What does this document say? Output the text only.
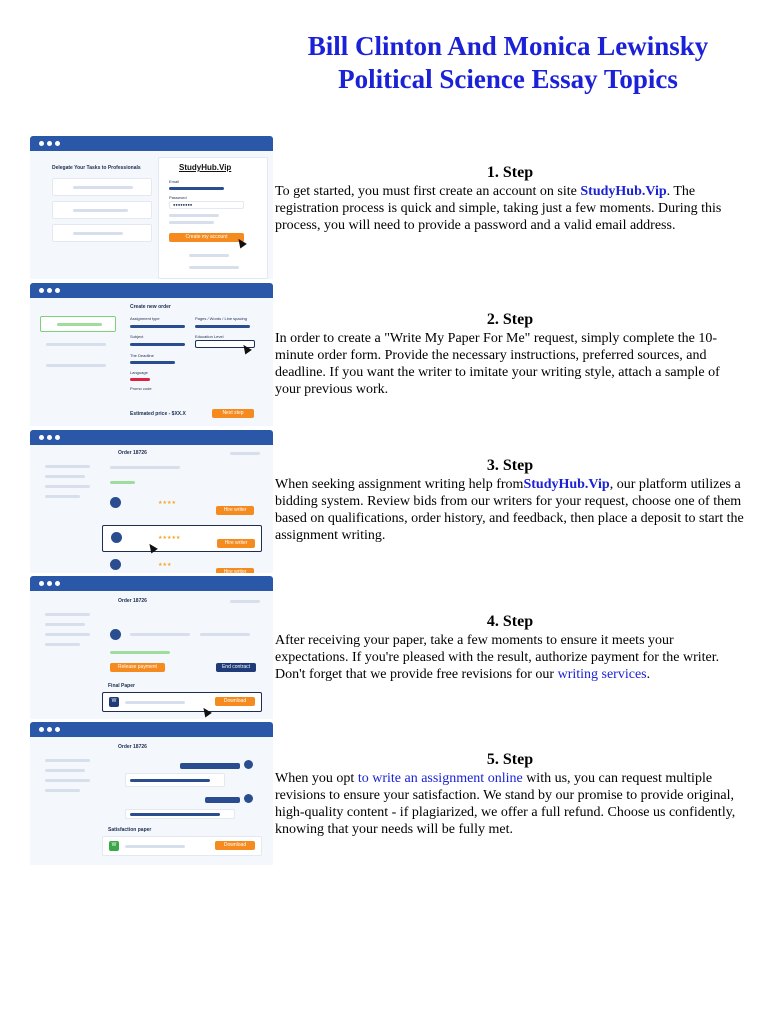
Bill Clinton And Monica Lewinsky Political Science Essay Topics
Delegate Your Tasks to Professionals	StudyHub.Vip
Email
Password
●●●●●●●●
Create my account
Create new order
Assignment type	Pages / Words / Line spacing
Subject	Education Level
The Deadline
Language
Promo code
Estimated price - $XX.X	Next step
Order 18726
★★★★
Hire writer
★★★★★
Hire writer
★★★
Hire writer
Order 18726
Release payment	End contract
Final Paper
W	Download
Order 18726
Satisfaction paper
W	Download
1. Step

To get started, you must first create an account on site StudyHub.Vip. The registration process is quick and simple, taking just a few moments. During this process, you will need to provide a password and a valid email address.

2. Step

In order to create a "Write My Paper For Me" request, simply complete the 10-minute order form. Provide the necessary instructions, preferred sources, and deadline. If you want the writer to imitate your writing style, attach a sample of your previous work.

3. Step

When seeking assignment writing help fromStudyHub.Vip, our platform utilizes a bidding system. Review bids from our writers for your request, choose one of them based on qualifications, order history, and feedback, then place a deposit to start the assignment writing.

4. Step

After receiving your paper, take a few moments to ensure it meets your expectations. If you're pleased with the result, authorize payment for the writer. Don't forget that we provide free revisions for our writing services.

5. Step

When you opt to write an assignment online with us, you can request multiple revisions to ensure your satisfaction. We stand by our promise to provide original, high-quality content - if plagiarized, we offer a full refund. Choose us confidently, knowing that your needs will be fully met.
